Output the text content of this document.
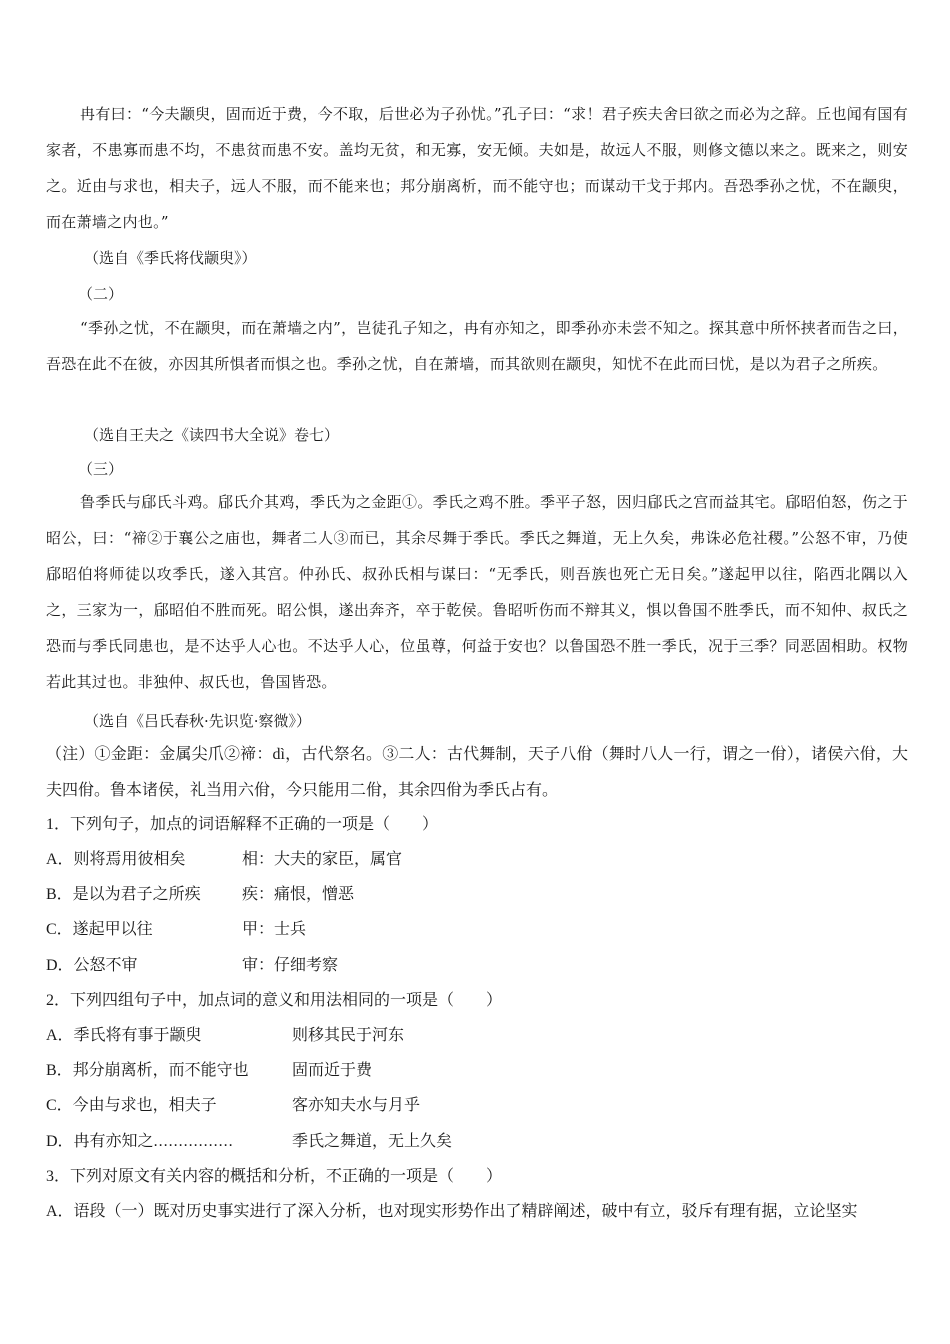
冉有曰：“今夫颛臾，固而近于费，今不取，后世必为子孙忧。”孔子曰：“求！君子疾夫舍曰欲之而必为之辞。丘也闻有国有家者，不患寡而患不均，不患贫而患不安。盖均无贫，和无寡，安无倾。夫如是，故远人不服，则修文德以来之。既来之，则安之。近由与求也，相夫子，远人不服，而不能来也；邦分崩离析，而不能守也；而谋动干戈于邦内。吾恐季孙之忧，不在颛臾，而在萧墙之内也。”
（选自《季氏将伐颛臾》）
（二）
“季孙之忧，不在颛臾，而在萧墙之内”，岂徒孔子知之，冉有亦知之，即季孙亦未尝不知之。探其意中所怀挟者而告之曰，吾恐在此不在彼，亦因其所惧者而惧之也。季孙之忧，自在萧墙，而其欲则在颛臾，知忧不在此而曰忧，是以为君子之所疾。
（选自王夫之《读四书大全说》卷七）
（三）
鲁季氏与郈氏斗鸡。郈氏介其鸡，季氏为之金距①。季氏之鸡不胜。季平子怒，因归郈氏之宫而益其宅。郈昭伯怒，伤之于昭公，曰：“禘②于襄公之庙也，舞者二人③而已，其余尽舞于季氏。季氏之舞道，无上久矣，弗诛必危社稷。”公怒不审，乃使郈昭伯将师徒以攻季氏，遂入其宫。仲孙氏、叔孙氏相与谋曰：“无季氏，则吾族也死亡无日矣。”遂起甲以往，陷西北隅以入之，三家为一，郈昭伯不胜而死。昭公惧，遂出奔齐，卒于乾侯。鲁昭听伤而不辩其义，惧以鲁国不胜季氏，而不知仲、叔氏之恐而与季氏同患也，是不达乎人心也。不达乎人心，位虽尊，何益于安也？以鲁国恐不胜一季氏，况于三季？同恶固相助。权物若此其过也。非独仲、叔氏也，鲁国皆恐。
（选自《吕氏春秋·先识览·察微》）
（注）①金距：金属尖爪②禘：dì，古代祭名。③二人：古代舞制，天子八佾（舞时八人一行，谓之一佾），诸侯六佾，大夫四佾。鲁本诸侯，礼当用六佾，今只能用二佾，其余四佾为季氏占有。
1．下列句子，加点的词语解释不正确的一项是（　　）
A．则将焉用彼相矣	相：大夫的家臣，属官
B．是以为君子之所疾	疾：痛恨，憎恶
C．遂起甲以往	甲：士兵
D．公怒不审	审：仔细考察
2．下列四组句子中，加点词的意义和用法相同的一项是（　　）
A．季氏将有事于颛臾	则移其民于河东
B．邦分崩离析，而不能守也	固而近于费
C．今由与求也，相夫子	客亦知夫水与月乎
D．冉有亦知之................	季氏之舞道，无上久矣
3．下列对原文有关内容的概括和分析，不正确的一项是（　　）
A．语段（一）既对历史事实进行了深入分析，也对现实形势作出了精辟阐述，破中有立，驳斥有理有据，立论坚实
